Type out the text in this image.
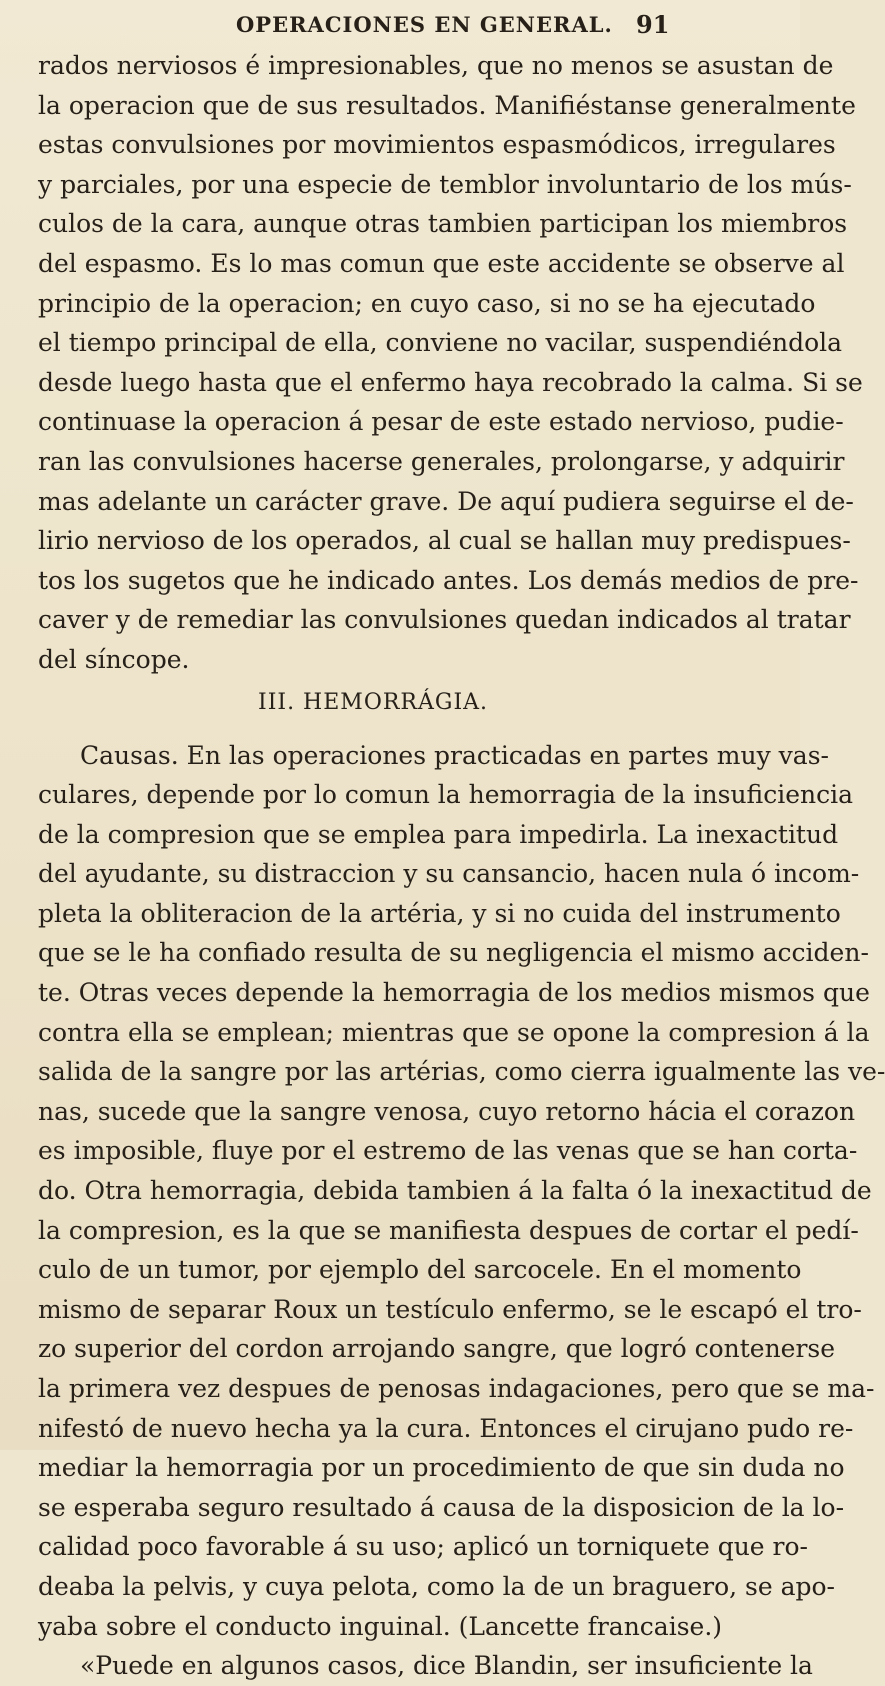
OPERACIONES EN GENERAL. 91
rados nerviosos é impresionables, que no menos se asustan de
la operacion que de sus resultados. Manifiéstanse generalmente
estas convulsiones por movimientos espasmódicos, irregulares
y parciales, por una especie de temblor involuntario de los mús-
culos de la cara, aunque otras tambien participan los miembros
del espasmo. Es lo mas comun que este accidente se observe al
principio de la operacion; en cuyo caso, si no se ha ejecutado
el tiempo principal de ella, conviene no vacilar, suspendiéndola
desde luego hasta que el enfermo haya recobrado la calma. Si se
continuase la operacion á pesar de este estado nervioso, pudie-
ran las convulsiones hacerse generales, prolongarse, y adquirir
mas adelante un carácter grave. De aquí pudiera seguirse el de-
lirio nervioso de los operados, al cual se hallan muy predispues-
tos los sugetos que he indicado antes. Los demás medios de pre-
caver y de remediar las convulsiones quedan indicados al tratar
del síncope.
III. HEMORRÁGIA.
Causas. En las operaciones practicadas en partes muy vas-
culares, depende por lo comun la hemorragia de la insuficiencia
de la compresion que se emplea para impedirla. La inexactitud
del ayudante, su distraccion y su cansancio, hacen nula ó incom-
pleta la obliteracion de la artéria, y si no cuida del instrumento
que se le ha confiado resulta de su negligencia el mismo acciden-
te. Otras veces depende la hemorragia de los medios mismos que
contra ella se emplean; mientras que se opone la compresion á la
salida de la sangre por las artérias, como cierra igualmente las ve-
nas, sucede que la sangre venosa, cuyo retorno hácia el corazon
es imposible, fluye por el estremo de las venas que se han corta-
do. Otra hemorragia, debida tambien á la falta ó la inexactitud de
la compresion, es la que se manifiesta despues de cortar el pedí-
culo de un tumor, por ejemplo del sarcocele. En el momento
mismo de separar Roux un testículo enfermo, se le escapó el tro-
zo superior del cordon arrojando sangre, que logró contenerse
la primera vez despues de penosas indagaciones, pero que se ma-
nifestó de nuevo hecha ya la cura. Entonces el cirujano pudo re-
mediar la hemorragia por un procedimiento de que sin duda no
se esperaba seguro resultado á causa de la disposicion de la lo-
calidad poco favorable á su uso; aplicó un torniquete que ro-
deaba la pelvis, y cuya pelota, como la de un braguero, se apo-
yaba sobre el conducto inguinal. (Lancette francaise.)
«Puede en algunos casos, dice Blandin, ser insuficiente la
